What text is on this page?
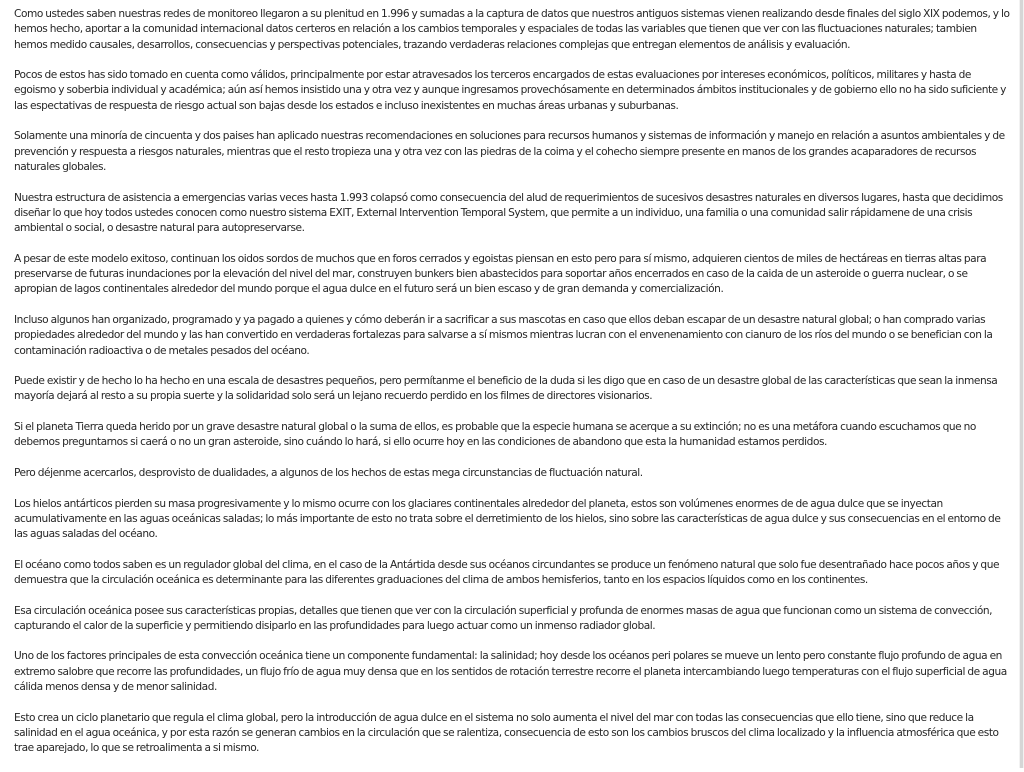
Como ustedes saben nuestras redes de monitoreo llegaron a su plenitud en 1.996 y sumadas a la captura de datos que nuestros antiguos sistemas vienen realizando desde finales del siglo XIX podemos, y lo hemos hecho, aportar a la comunidad internacional datos certeros en relación a los cambios temporales y espaciales de todas las variables que tienen que ver con las fluctuaciones naturales; tambien hemos medido causales, desarrollos, consecuencias y perspectivas potenciales, trazando verdaderas relaciones complejas que entregan elementos de análisis y evaluación.

Pocos de estos has sido tomado en cuenta como válidos, principalmente por estar atravesados los terceros encargados de estas evaluaciones por intereses económicos, políticos, militares y hasta de egoismo y soberbia individual y académica; aún así hemos insistido una y otra vez y aunque ingresamos provechósamente en determinados ámbitos institucionales y de gobierno ello no ha sido suficiente y las espectativas de respuesta de riesgo actual son bajas desde los estados e incluso inexistentes en muchas áreas urbanas y suburbanas.

Solamente una minoría de cincuenta y dos paises han aplicado nuestras recomendaciones en soluciones para recursos humanos y sistemas de información y manejo en relación a asuntos ambientales y de prevención y respuesta a riesgos naturales, mientras que el resto tropieza una y otra vez con las piedras de la coima y el cohecho siempre presente en manos de los grandes acaparadores de recursos naturales globales.

Nuestra estructura de asistencia a emergencias varias veces hasta 1.993 colapsó como consecuencia del alud de requerimientos de sucesivos desastres naturales en diversos lugares, hasta que decidimos diseñar lo que hoy todos ustedes conocen como nuestro sistema EXIT, External Intervention Temporal System, que permite a un individuo, una familia o una comunidad salir rápidamene de una crisis ambiental o social, o desastre natural para autopreservarse.

A pesar de este modelo exitoso, continuan los oidos sordos de muchos que en foros cerrados y egoistas piensan en esto pero para sí mismo, adquieren cientos de miles de hectáreas en tierras altas para preservarse de futuras inundaciones por la elevación del nivel del mar, construyen bunkers bien abastecidos para soportar años encerrados en caso de la caida de un asteroide o guerra nuclear, o se apropian de lagos continentales alrededor del mundo porque el agua dulce en el futuro será un bien escaso y de gran demanda y comercialización.

Incluso algunos han organizado, programado y ya pagado a quienes y cómo deberán ir a sacrificar a sus mascotas en caso que ellos deban escapar de un desastre natural global; o han comprado varias propiedades alrededor del mundo y las han convertido en verdaderas fortalezas para salvarse a sí mismos mientras lucran con el envenenamiento con cianuro de los ríos del mundo o se benefician con la contaminación radioactiva o de metales pesados del océano.

Puede existir y de hecho lo ha hecho en una escala de desastres pequeños, pero permítanme el beneficio de la duda si les digo que en caso de un desastre global de las características que sean la inmensa mayoría dejará al resto a su propia suerte y la solidaridad solo será un lejano recuerdo perdido en los filmes de directores visionarios.

Si el planeta Tierra queda herido por un grave desastre natural global o la suma de ellos, es probable que la especie humana se acerque a su extinción; no es una metáfora cuando escuchamos que no debemos preguntarnos si caerá o no un gran asteroide, sino cuándo lo hará, si ello ocurre hoy en las condiciones de abandono que esta la humanidad estamos perdidos.

Pero déjenme acercarlos, desprovisto de dualidades, a algunos de los hechos de estas mega circunstancias de fluctuación natural.

Los hielos antárticos pierden su masa progresivamente y lo mismo ocurre con los glaciares continentales alrededor del planeta, estos son volúmenes enormes de de agua dulce que se inyectan acumulativamente en las aguas oceánicas saladas; lo más importante de esto no trata sobre el derretimiento de los hielos, sino sobre las características de agua dulce y sus consecuencias en el entorno de las aguas saladas del océano.

El océano como todos saben es un regulador global del clima, en el caso de la Antártida desde sus océanos circundantes se produce un fenómeno natural que solo fue desentrañado hace pocos años y que demuestra que la circulación oceánica es determinante para las diferentes graduaciones del clima de ambos hemisferios, tanto en los espacios líquidos como en los continentes.

Esa circulación oceánica posee sus características propias, detalles que tienen que ver con la circulación superficial y profunda de enormes masas de agua que funcionan como un sistema de convección, capturando el calor de la superficie y permitiendo disiparlo en las profundidades para luego actuar como un inmenso radiador global.

Uno de los factores principales de esta convección oceánica tiene un componente fundamental: la salinidad; hoy desde los océanos peri polares se mueve un lento pero constante flujo profundo de agua en extremo salobre que recorre las profundidades, un flujo frío de agua muy densa que en los sentidos de rotación terrestre recorre el planeta intercambiando luego temperaturas con el flujo superficial de agua cálida menos densa y de menor salinidad.

Esto crea un ciclo planetario que regula el clima global, pero la introducción de agua dulce en el sistema no solo aumenta el nivel del mar con todas las consecuencias que ello tiene, sino que reduce la salinidad en el agua oceánica, y por esta razón se generan cambios en la circulación que se ralentiza, consecuencia de esto son los cambios bruscos del clima localizado y la influencia atmosférica que esto trae aparejado, lo que se retroalimenta a si mismo.
